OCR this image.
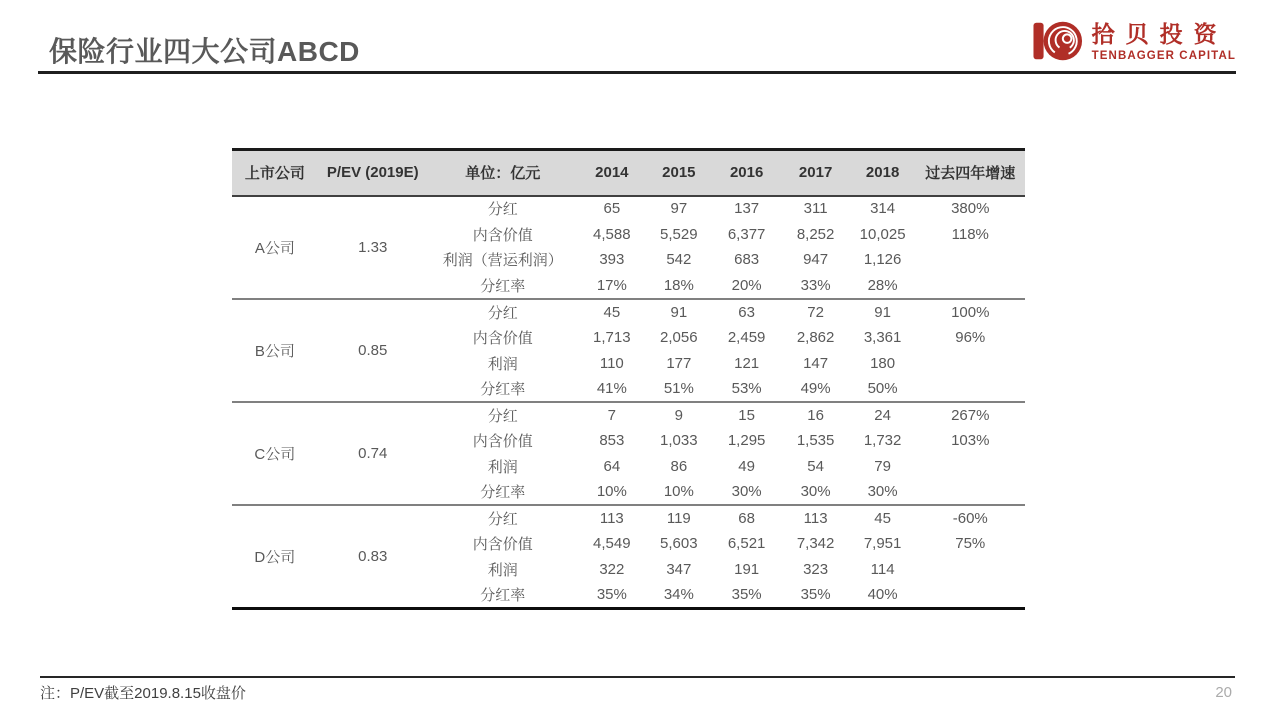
保险行业四大公司ABCD
拾贝投资
TENBAGGER CAPITAL
上市公司	P/EV (2019E)	单位：亿元	2014	2015	2016	2017	2018	过去四年增速
A公司	1.33	分红	65	97	137	311	314	380%
		内含价值	4,588	5,529	6,377	8,252	10,025	118%
		利润（营运利润）	393	542	683	947	1,126	
		分红率	17%	18%	20%	33%	28%	
B公司	0.85	分红	45	91	63	72	91	100%
		内含价值	1,713	2,056	2,459	2,862	3,361	96%
		利润	110	177	121	147	180	
		分红率	41%	51%	53%	49%	50%	
C公司	0.74	分红	7	9	15	16	24	267%
		内含价值	853	1,033	1,295	1,535	1,732	103%
		利润	64	86	49	54	79	
		分红率	10%	10%	30%	30%	30%	
D公司	0.83	分红	113	119	68	113	45	-60%
		内含价值	4,549	5,603	6,521	7,342	7,951	75%
		利润	322	347	191	323	114	
		分红率	35%	34%	35%	35%	40%	
注：P/EV截至2019.8.15收盘价	20
